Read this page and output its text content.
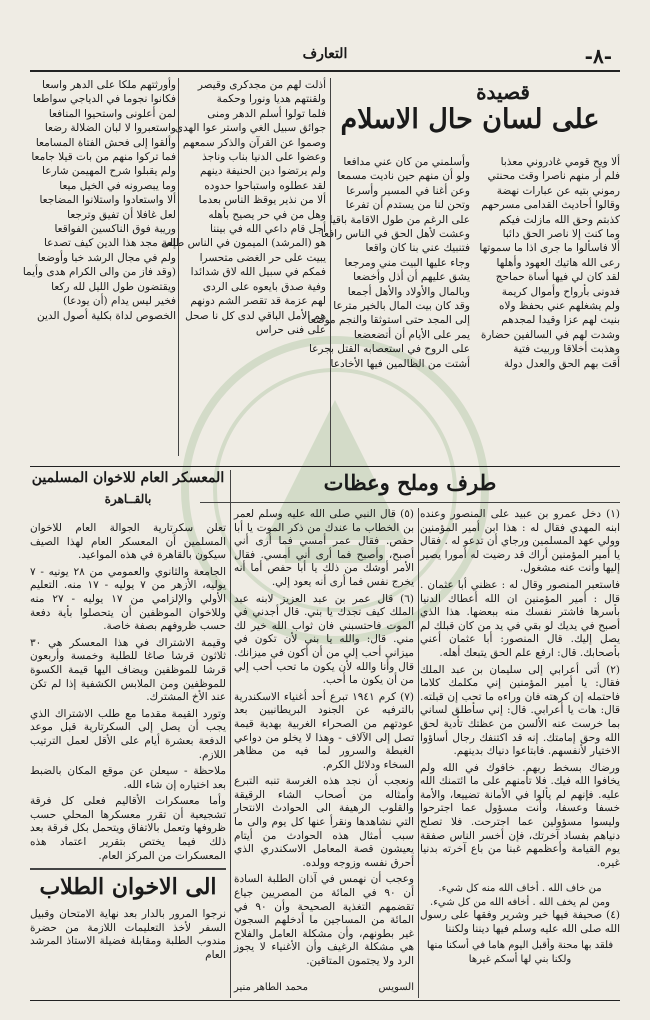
-٨-
التعارف
قصيدة
على لسان حال الاسلام
ألا ويح قومي غادروني معذبا
فلم أر منهم ناصرا وقت محنتي
رموني بتيه عن عبارات نهضة
وقالوا أحاديث القدامى مسرحهم
كذبتم وحق الله مازلت فيكم
وما كنت إلا ناصر الحق دائبا
ألا فاسألوا ما جرى اذا ما سموتها
رعى الله هاتيك العهود وأهلها
لقد كان لي فيها أساة حماحج
فدونى بأرواح وأموال كريمة
ولم يشغلهم عني بحفظ ولاه
بنيت لهم عزا وقيدا لمجدهم
وشدت لهم في السالفين حضارة
وهذبت أخلاقا وربيت فتية
أقت بهم الحق والعدل دولة
وأسلمني من كان عني مدافعا
ولو أن منهم حين ناديت مسمعا
وعن أغنا في المسير وأسرعا
وتحن لنا من يستدم أن تفرعا
على الرغم من طول الاقامة باقيا
وعشت لأهل الحق في الناس رافعا
فتنبيك عني بنا كان واقعا
وجاء عليها البيت مني ومرجعا
يشق عليهم أن أذل وأخضعا
وبالمال والأولاد والأهل أجمعا
وقد كان بيت المال بالخير مترعا
إلى المجد حتى استوثقا والنجم موضعا
يمر على الأيام أن أتضعضعا
على الروح في استعصابه القتل بجرعا
أشتت من الظالمين فيها الأخادعا
أذلت لهم من مجدكرى وقيصر
ولقنتهم هديا ونورا وحكمة
فلما تولوا أسلم الدهر ومنى
جوائق سبيل الغي واستر عوا الهدى
وصموا عن القرآن والذكر سمعهم
وعضوا على الدنيا بناب وناجذ
ولم يرتضوا دين الحنيفة دينهم
لقد عطلوه واستباحوا حدوده
ألا من نذير يوقظ الناس بعدما
وهل من في حر يصيح بأهله
أجل قام داعي الله في بيننا
هو (المرشد) الميمون في الناس طلعة
يبيت على حر الغضى متحسرا
فمكم في سبيل الله لاق شدائدا
وفية صدق بايعوه على الردى
لهم عزمة قد تقصر الشم دونهم
هم الأمل الباقي لدى كل نا صحل
على فنى حراس
وأورثتهم ملكا على الدهر واسعا
فكانوا نجوما في الدياجي سواطعا
لمن أعلونى واستحيوا المنافعا
واستعبروا لا لبان الضلالة رضعا
وألقوا إلى فحش الفتاة المسامعا
فما تركوا منهم من بات قيلا جامعا
ولم يقبلوا شرح المهيمن شارعا
وما يبصرونه في الخيل ميعا
ألا واستعادوا واستلانوا المضاجعا
لعل غافلا أن تفيق وترجعا
وريبة فوق الناكسين الفواقعا
إلى مجد هذا الدين كيف تصدعا
ولم في مجال الرشد خبا وأوضعا
(وقد فاز من والى الكرام هدى وأيما
ويقتضون طول الليل لله ركعا
فخير ليس يدام (أن يودعا)
الخصوص لداة بكلية أصول الدين
طرف وملح وعظات

(١) دخل عمرو بن عبيد على المنصور وعنده ابنه المهدي فقال له : هذا ابن أمير المؤمنين وولي عهد المسلمين ورجاي أن تدعو له . فقال يا أمير المؤمنين أراك قد رضيت له أمورا يصير إليها وأنت عنه مشغول.

فاستعبر المنصور وقال له : عظني أبا عثمان . قال : أمير المؤمنين ان الله أعطاك الدنيا بأسرها فاشتر نفسك منه ببعضها. هذا الذي أصبح في يديك لو بقي في يد من كان قبلك لم يصل إليك. قال المنصور: أبا عثمان أعني بأصحابك. قال: ارفع علم الحق يتبعك أهله.

(٢) أتى أعرابي إلى سليمان بن عبد الملك فقال: يا أمير المؤمنين إني مكلمك كلاما فاحتمله إن كرهته فان وراءه ما تحب إن قبلته. قال: هات يا أعرابي. قال: إني سأطلق لساني بما خرست عنه الألسن من عظتك تأدية لحق الله وحق إمامتك. إنه قد اكتنفك رجال أساؤوا الاختيار لأنفسهم. فابتاعوا دنياك بدينهم.

ورضاك بسخط ربهم. خافوك في الله ولم يخافوا الله فيك. فلا تأمنهم على ما ائتمنك الله عليه. فإنهم لم يألوا في الأمانة تضييعا، والأمة خسفا وعسفا، وأنت مسؤول عما اجترحوا وليسوا مسؤولين عما اجترحت. فلا تصلح دنياهم بفساد آخرتك، فإن أخسر الناس صفقة يوم القيامة وأعظمهم غبنا من باع آخرته بدنيا غيره.

من خاف الله . أخاف الله منه كل شيء.
ومن لم يخف الله . أخافه الله من كل شيء.

(٤) صحيفة فيها خير وشرير وفقها على رسول الله صلى الله عليه وسلم فيها ديننا ولكننا

فلقد بها محنة وأقبل اليوم هاما في أسكنا منها
ولكنا بني لها أسكم غيرها

(٥) قال النبي صلى الله عليه وسلم لعمر بن الخطاب ما عندك من ذكر الموت يا أبا حفص. فقال عمر أمسي فما أرى أني أصبح، وأصبح فما أرى أني أمسي. فقال الأمر أوشك من ذلك يا أبا حفص أما أنه يخرج نفس فما أرى أنه يعود إلي.

(٦) قال عمر بن عبد العزيز لابنه عبد الملك كيف تجدك يا بني. قال أجدني في الموت فاحتسبني فان ثواب الله خير لك مني. قال: والله يا بني لأن تكون في ميزاني أحب إلي من أن أكون في ميزانك. قال وأنا والله لأن يكون ما تحب أحب إلي من أن يكون ما أحب.

(٧) كرم ١٩٤١ تبرع أحد أغنياء الاسكندرية بالترفيه عن الجنود البريطانيين بعد عودتهم من الصحراء الغربية بهدية قيمة تصل إلى الآلاف - وهذا لا يخلو من دواعي الغبطة والسرور لما فيه من مظاهر السخاء ودلائل الكرم.

ونعجب أن نجد هذه الغرسة تنبه التبرع وأمثاله من أصحاب الشاء الرقيقة والقلوب الرهيفة الى الحوادث الانتحار التي نشاهدها ونقرأ عنها كل يوم والى ما سبب أمثال هذه الحوادث من أيتام يعيشون قصة المعامل الاسكندري الذي أحرق نفسه وزوجه وولده.

وعجب أن نهمس في آذان الطلبة السادة أن ٩٠ في المائة من المصريين جياع تقضمهم التغذية الصحيحة وأن ٩٠ في المائة من المساجين ما أدخلهم السجون غير بطونهم، وأن مشكلة العامل والفلاح هي مشكلة الرغيف وأن الأغنياء لا يجوز الرد ولا يجتمون المتاقين.

السويس
محمد الطاهر منير
المعسكر العام للاخوان المسلمين
بالقــاهرة

تعلن سكرتارية الجوالة العام للاخوان المسلمين أن المعسكر العام لهذا الصيف سيكون بالقاهرة في هذه المواعيد.

الجامعة والثانوي والعمومي من ٢٨ يونيه - ٧ يوليه، الأزهر من ٧ يوليه - ١٧ منه. التعليم الأولي والإلزامي من ١٧ يوليه - ٢٧ منه وللاخوان الموظفين أن يتحصلوا بأية دفعة حسب ظروفهم بصفة خاصة.

وقيمة الاشتراك في هذا المعسكر هي ٣٠ ثلاثون قرشا صاغا للطلبة وخمسة وأربعون قرشا للموظفين ويضاف اليها قيمة الكسوة للموظفين ومن الملابس الكشفية إذا لم تكن عند الأخ المشترك.

وتورد القيمة مقدما مع طلب الاشتراك الذي يجب أن يصل إلى السكرتارية قبل موعد الدفعة بعشرة أيام على الأقل لعمل الترتيب اللازم.

ملاحظة - سيعلن عن موقع المكان بالضبط بعد اختياره إن شاء الله.

وأما معسكرات الأقاليم فعلى كل فرقة تشجيعية أن تقرر معسكرها المحلي حسب ظروفها وتعمل بالاتفاق ويتحمل بكل فرقة بعد ذلك فيما يختص بتقرير اعتماد هذه المعسكرات من المركز العام.

الى الاخوان الطلاب
نرجوا المرور بالدار بعد نهاية الامتحان وقبيل السفر لأخذ التعليمات اللازمة من حضرة مندوب الطلبة ومقابلة فضيلة الاستاذ المرشد العام
